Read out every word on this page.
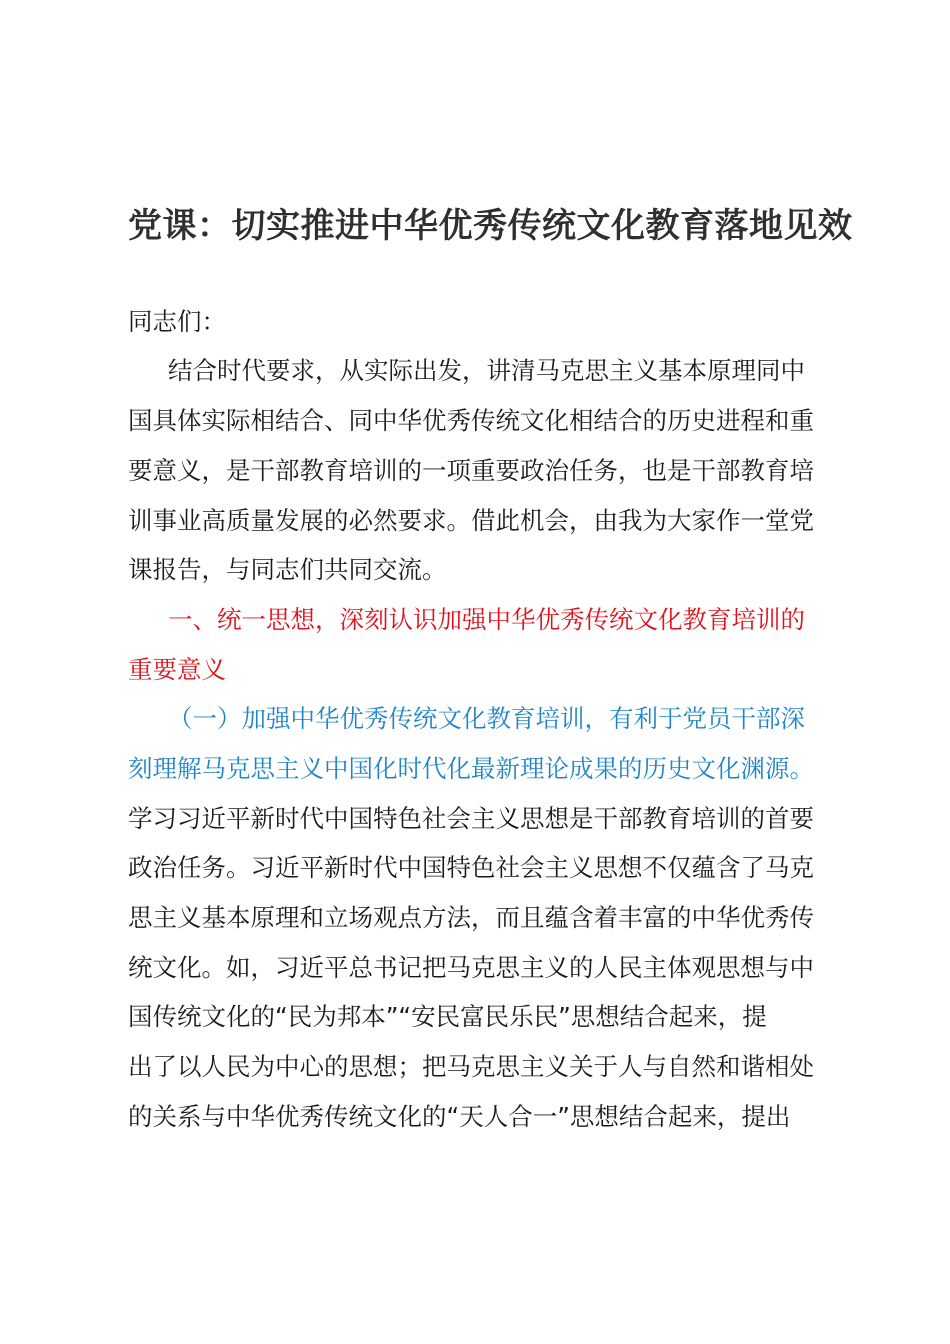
党课：切实推进中华优秀传统文化教育落地见效
同志们：
结合时代要求，从实际出发，讲清马克思主义基本原理同中
国具体实际相结合、同中华优秀传统文化相结合的历史进程和重
要意义，是干部教育培训的一项重要政治任务，也是干部教育培
训事业高质量发展的必然要求。借此机会，由我为大家作一堂党
课报告，与同志们共同交流。
一、统一思想，深刻认识加强中华优秀传统文化教育培训的
重要意义
（一）加强中华优秀传统文化教育培训，有利于党员干部深
刻理解马克思主义中国化时代化最新理论成果的历史文化渊源。
学习习近平新时代中国特色社会主义思想是干部教育培训的首要
政治任务。习近平新时代中国特色社会主义思想不仅蕴含了马克
思主义基本原理和立场观点方法，而且蕴含着丰富的中华优秀传
统文化。如，习近平总书记把马克思主义的人民主体观思想与中
国传统文化的“民为邦本”“安民富民乐民”思想结合起来，提
出了以人民为中心的思想；把马克思主义关于人与自然和谐相处
的关系与中华优秀传统文化的“天人合一”思想结合起来，提出
